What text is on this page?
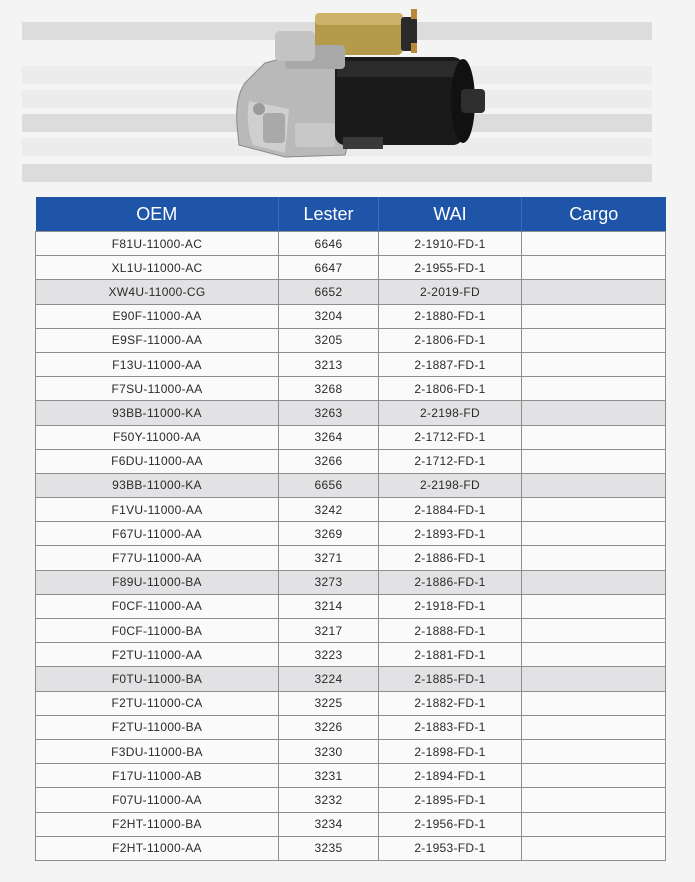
OEM	Lester	WAI	Cargo
F81U-11000-AC	6646	2-1910-FD-1	
XL1U-11000-AC	6647	2-1955-FD-1	
XW4U-11000-CG	6652	2-2019-FD	
E90F-11000-AA	3204	2-1880-FD-1	
E9SF-11000-AA	3205	2-1806-FD-1	
F13U-11000-AA	3213	2-1887-FD-1	
F7SU-11000-AA	3268	2-1806-FD-1	
93BB-11000-KA	3263	2-2198-FD	
F50Y-11000-AA	3264	2-1712-FD-1	
F6DU-11000-AA	3266	2-1712-FD-1	
93BB-11000-KA	6656	2-2198-FD	
F1VU-11000-AA	3242	2-1884-FD-1	
F67U-11000-AA	3269	2-1893-FD-1	
F77U-11000-AA	3271	2-1886-FD-1	
F89U-11000-BA	3273	2-1886-FD-1	
F0CF-11000-AA	3214	2-1918-FD-1	
F0CF-11000-BA	3217	2-1888-FD-1	
F2TU-11000-AA	3223	2-1881-FD-1	
F0TU-11000-BA	3224	2-1885-FD-1	
F2TU-11000-CA	3225	2-1882-FD-1	
F2TU-11000-BA	3226	2-1883-FD-1	
F3DU-11000-BA	3230	2-1898-FD-1	
F17U-11000-AB	3231	2-1894-FD-1	
F07U-11000-AA	3232	2-1895-FD-1	
F2HT-11000-BA	3234	2-1956-FD-1	
F2HT-11000-AA	3235	2-1953-FD-1	
